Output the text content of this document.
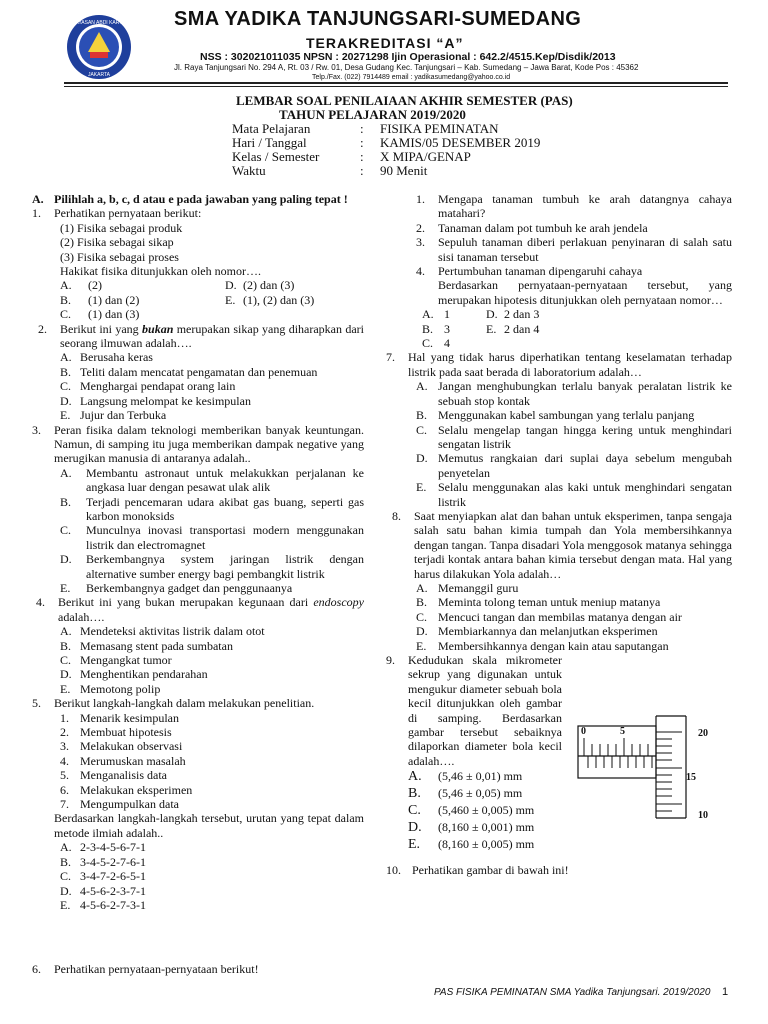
YAYASAN ABDI KARYA
JAKARTA
SMA YADIKA TANJUNGSARI-SUMEDANG
TERAKREDITASI “A”
NSS : 302021011035 NPSN : 20271298 Ijin Operasional : 642.2/4515.Kep/Disdik/2013
Jl. Raya Tanjungsari No. 294 A, Rt. 03 / Rw. 01, Desa Gudang Kec. Tanjungsari – Kab. Sumedang – Jawa Barat, Kode Pos : 45362
Telp./Fax. (022) 7914489 email : yadikasumedang@yahoo.co.id
LEMBAR SOAL PENILAIAAN AKHIR SEMESTER (PAS)
TAHUN PELAJARAN 2019/2020
Mata Pelajaran	:	FISIKA PEMINATAN
Hari / Tanggal	:	KAMIS/05 DESEMBER 2019
Kelas / Semester	:	X MIPA/GENAP
Waktu	:	90 Menit
A. Pilihlah a, b, c, d atau e pada jawaban yang paling tepat !
1.	Perhatikan pernyataan berikut:
(1) Fisika sebagai produk
(2) Fisika sebagai sikap
(3) Fisika sebagai proses
Hakikat fisika ditunjukkan oleh nomor….
A.	(2)	D. (2) dan (3)
B.	(1) dan (2)	E. (1), (2) dan (3)
C.	(1) dan (3)
2.	Berikut ini yang bukan merupakan sikap yang diharapkan dari seorang ilmuwan adalah….
A. Berusaha keras
B. Teliti dalam mencatat pengamatan dan penemuan
C. Menghargai pendapat orang lain
D. Langsung melompat ke kesimpulan
E. Jujur dan Terbuka
3.	Peran fisika dalam teknologi memberikan banyak keuntungan. Namun, di samping itu juga memberikan dampak negative yang merugikan manusia di antaranya adalah..
A.	Membantu astronaut untuk melakukkan perjalanan ke angkasa luar dengan pesawat ulak alik
B.	Terjadi pencemaran udara akibat gas buang, seperti gas karbon monoksids
C.	Munculnya inovasi transportasi modern menggunakan listrik dan electromagnet
D.	Berkembangnya system jaringan listrik dengan alternative sumber energy bagi pembangkit listrik
E.	Berkembangnya gadget dan penggunaanya
4.	Berikut ini yang bukan merupakan kegunaan dari endoscopy adalah….
A. Mendeteksi aktivitas listrik dalam otot
B. Memasang stent pada sumbatan
C. Mengangkat tumor
D. Menghentikan pendarahan
E. Memotong polip
5.	Berikut langkah-langkah dalam melakukan penelitian.
1. Menarik kesimpulan
2. Membuat hipotesis
3. Melakukan observasi
4. Merumuskan masalah
5. Menganalisis data
6. Melakukan eksperimen
7. Mengumpulkan data
Berdasarkan langkah-langkah tersebut, urutan yang tepat dalam metode ilmiah adalah..
A. 2-3-4-5-6-7-1
B. 3-4-5-2-7-6-1
C. 3-4-7-2-6-5-1
D. 4-5-6-2-3-7-1
E. 4-5-6-2-7-3-1
6.	Perhatikan pernyataan-pernyataan berikut!
1.	Mengapa tanaman tumbuh ke arah datangnya cahaya matahari?
2.	Tanaman dalam pot tumbuh ke arah jendela
3.	Sepuluh tanaman diberi perlakuan penyinaran di salah satu sisi tanaman tersebut
4.	Pertumbuhan tanaman dipengaruhi cahaya
Berdasarkan pernyataan-pernyataan tersebut, yang merupakan hipotesis ditunjukkan oleh pernyataan nomor…
A. 1	D. 2 dan 3
B. 3	E. 2 dan 4
C. 4
7.	Hal yang tidak harus diperhatikan tentang keselamatan terhadap listrik pada saat berada di laboratorium adalah…
A. Jangan menghubungkan terlalu banyak peralatan listrik ke sebuah stop kontak
B. Menggunakan kabel sambungan yang terlalu panjang
C. Selalu mengelap tangan hingga kering untuk menghindari sengatan listrik
D. Memutus rangkaian dari suplai daya sebelum mengubah penyetelan
E. Selalu menggunakan alas kaki untuk menghindari sengatan listrik
8.	Saat menyiapkan alat dan bahan untuk eksperimen, tanpa sengaja salah satu bahan kimia tumpah dan Yola membersihkannya dengan tangan. Tanpa disadari Yola menggosok matanya sehingga terjadi kontak antara bahan kimia tersebut dengan mata. Hal yang harus dilakukan Yola adalah…
A. Memanggil guru
B. Meminta tolong teman untuk meniup matanya
C. Mencuci tangan dan membilas matanya dengan air
D. Membiarkannya dan melanjutkan eksperimen
E. Membersihkannya dengan kain atau saputangan
9.	Kedudukan skala mikrometer sekrup yang digunakan untuk mengukur diameter sebuah bola kecil ditunjukkan oleh gambar di samping. Berdasarkan gambar tersebut sebaiknya dilaporkan diameter bola kecil adalah….
A.	(5,46 ± 0,01) mm
B.	(5,46 ± 0,05) mm
C.	(5,460 ± 0,005) mm
D.	(8,160 ± 0,001) mm
E.	(8,160 ± 0,005) mm
10. Perhatikan gambar di bawah ini!
0	5	20
15
10
PAS FISIKA PEMINATAN SMA Yadika Tanjungsari. 2019/2020 1
